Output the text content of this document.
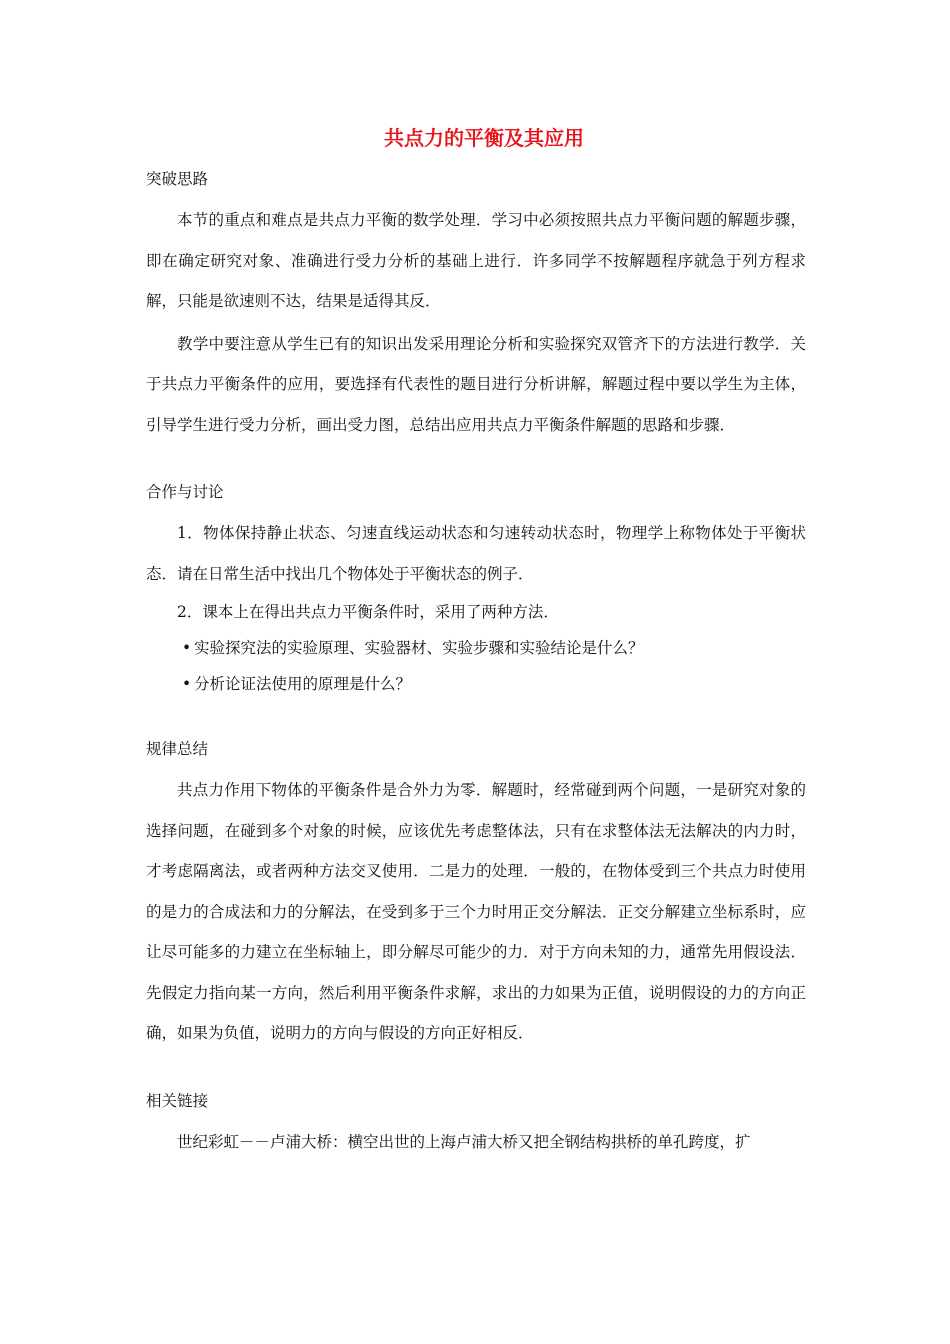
共点力的平衡及其应用

突破思路

本节的重点和难点是共点力平衡的数学处理．学习中必须按照共点力平衡问题的解题步骤，即在确定研究对象、准确进行受力分析的基础上进行．许多同学不按解题程序就急于列方程求解，只能是欲速则不达，结果是适得其反．

教学中要注意从学生已有的知识出发采用理论分析和实验探究双管齐下的方法进行教学．关于共点力平衡条件的应用，要选择有代表性的题目进行分析讲解，解题过程中要以学生为主体，引导学生进行受力分析，画出受力图，总结出应用共点力平衡条件解题的思路和步骤．

合作与讨论

1．物体保持静止状态、匀速直线运动状态和匀速转动状态时，物理学上称物体处于平衡状态．请在日常生活中找出几个物体处于平衡状态的例子．

2．课本上在得出共点力平衡条件时，采用了两种方法．

• 实验探究法的实验原理、实验器材、实验步骤和实验结论是什么？

• 分析论证法使用的原理是什么？

规律总结

共点力作用下物体的平衡条件是合外力为零．解题时，经常碰到两个问题，一是研究对象的选择问题，在碰到多个对象的时候，应该优先考虑整体法，只有在求整体法无法解决的内力时，才考虑隔离法，或者两种方法交叉使用．二是力的处理．一般的，在物体受到三个共点力时使用的是力的合成法和力的分解法，在受到多于三个力时用正交分解法．正交分解建立坐标系时，应让尽可能多的力建立在坐标轴上，即分解尽可能少的力．对于方向未知的力，通常先用假设法．先假定力指向某一方向，然后利用平衡条件求解，求出的力如果为正值，说明假设的力的方向正确，如果为负值，说明力的方向与假设的方向正好相反．

相关链接

世纪彩虹－－卢浦大桥：横空出世的上海卢浦大桥又把全钢结构拱桥的单孔跨度，扩
